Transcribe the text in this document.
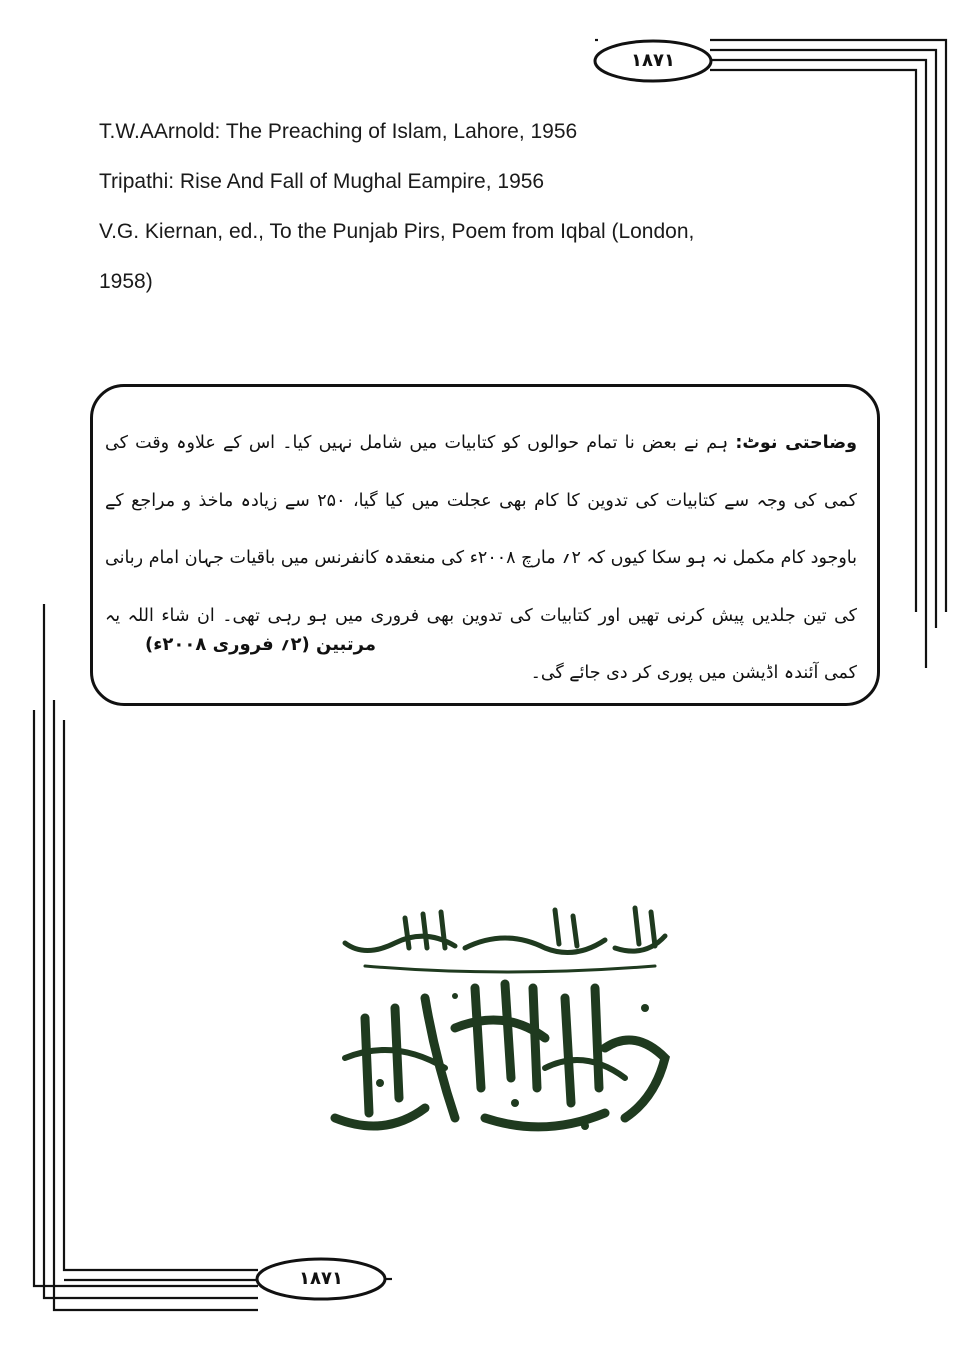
۱۸۷۱
T.W.AArnold: The Preaching of Islam, Lahore, 1956
Tripathi: Rise And Fall of Mughal Eampire, 1956
V.G. Kiernan, ed., To the Punjab Pirs, Poem from Iqbal (London,
1958)
وضاحتی نوٹ: ہم نے بعض نا تمام حوالوں کو کتابیات میں شامل نہیں کیا۔ اس کے علاوہ وقت کی کمی کی وجہ سے کتابیات کی تدوین کا کام بھی عجلت میں کیا گیا، ۲۵۰ سے زیادہ ماخذ و مراجع کے باوجود کام مکمل نہ ہو سکا کیوں کہ ۲؍ مارچ ۲۰۰۸ء کی منعقدہ کانفرنس میں باقیات جہان امام ربانی کی تین جلدیں پیش کرنی تھیں اور کتابیات کی تدوین بھی فروری میں ہو رہی تھی۔ ان شاء اللہ یہ کمی آئندہ اڈیشن میں پوری کر دی جائے گی۔
مرتبین (۲؍ فروری ۲۰۰۸ء)
۱۸۷۱
